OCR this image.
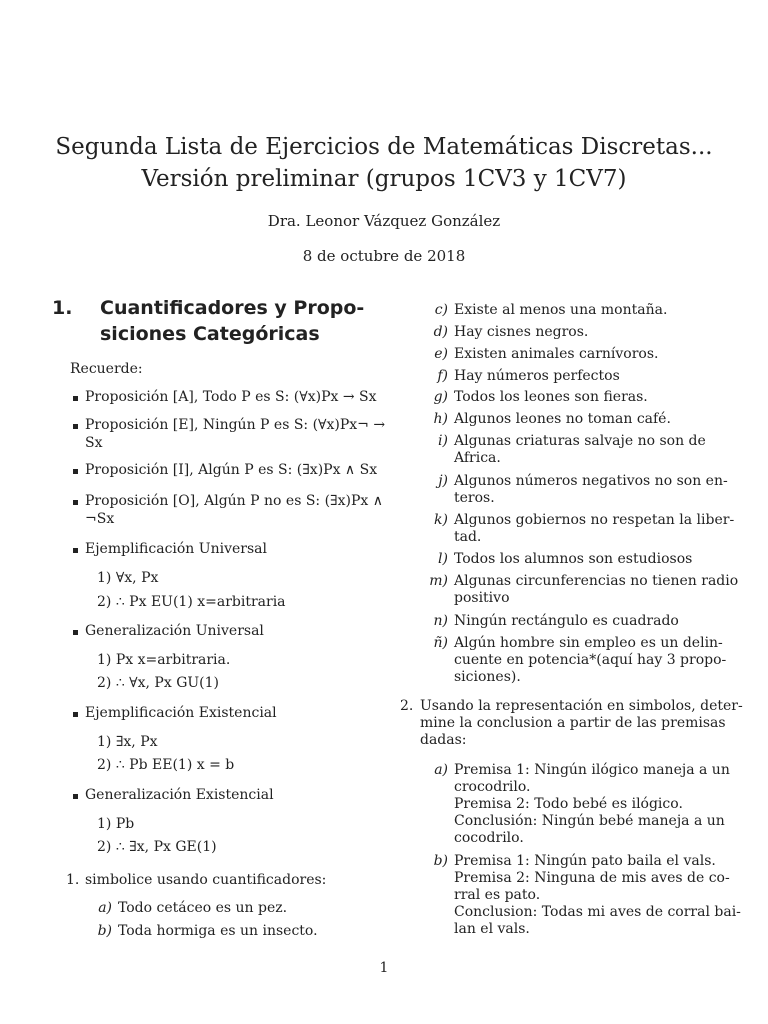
Segunda Lista de Ejercicios de Matemáticas Discretas...
Versión preliminar (grupos 1CV3 y 1CV7)
Dra. Leonor Vázquez González
8 de octubre de 2018
1. Cuantificadores y Propo-
siciones Categóricas
Recuerde:
Proposición [A], Todo P es S: (∀x)Px → Sx
Proposición [E], Ningún P es S: (∀x)Px¬ →
Sx
Proposición [I], Algún P es S: (∃x)Px ∧ Sx
Proposición [O], Algún P no es S: (∃x)Px ∧
¬Sx
Ejemplificación Universal
1) ∀x, Px
2) ∴ Px EU(1) x=arbitraria
Generalización Universal
1) Px x=arbitraria.
2) ∴ ∀x, Px GU(1)
Ejemplificación Existencial
1) ∃x, Px
2) ∴ Pb EE(1) x = b
Generalización Existencial
1) Pb
2) ∴ ∃x, Px GE(1)
1. simbolice usando cuantificadores:
a) Todo cetáceo es un pez.
b) Toda hormiga es un insecto.
c) Existe al menos una montaña.
d) Hay cisnes negros.
e) Existen animales carnívoros.
f) Hay números perfectos
g) Todos los leones son fieras.
h) Algunos leones no toman café.
i) Algunas criaturas salvaje no son de
Africa.
j) Algunos números negativos no son en-
teros.
k) Algunos gobiernos no respetan la liber-
tad.
l) Todos los alumnos son estudiosos
m) Algunas circunferencias no tienen radio
positivo
n) Ningún rectángulo es cuadrado
ñ) Algún hombre sin empleo es un delin-
cuente en potencia*(aquí hay 3 propo-
siciones).
2. Usando la representación en simbolos, deter-
mine la conclusion a partir de las premisas
dadas:
a) Premisa 1: Ningún ilógico maneja a un
crocodrilo.
Premisa 2: Todo bebé es ilógico.
Conclusión: Ningún bebé maneja a un
cocodrilo.
b) Premisa 1: Ningún pato baila el vals.
Premisa 2: Ninguna de mis aves de co-
rral es pato.
Conclusion: Todas mi aves de corral bai-
lan el vals.
1
